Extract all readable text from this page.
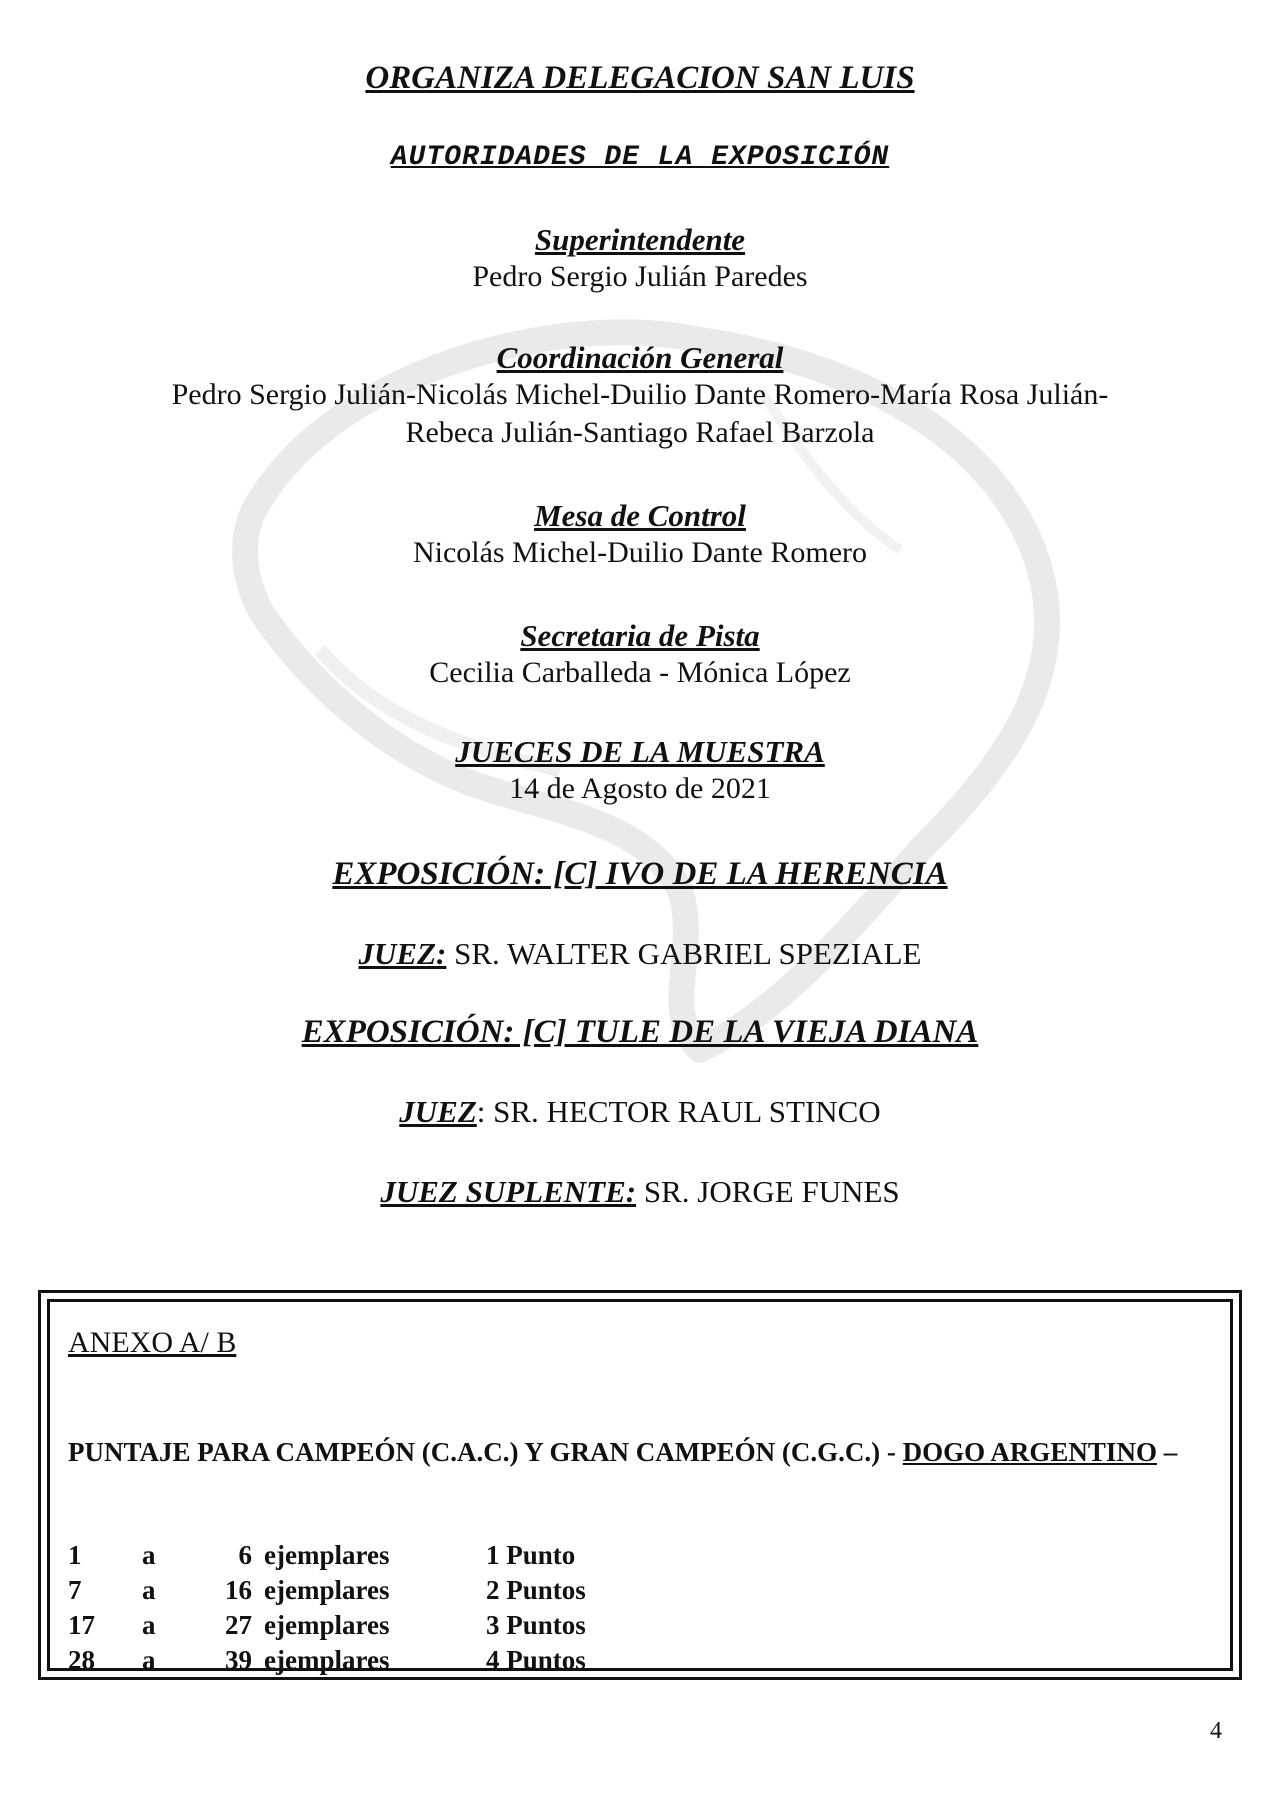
ORGANIZA DELEGACION SAN LUIS
AUTORIDADES DE LA EXPOSICIÓN
Superintendente
Pedro Sergio Julián Paredes
Coordinación General
Pedro Sergio Julián-Nicolás Michel-Duilio Dante Romero-María Rosa Julián-
Rebeca Julián-Santiago Rafael Barzola
Mesa de Control
Nicolás Michel-Duilio Dante Romero
Secretaria de Pista
Cecilia Carballeda - Mónica López
JUECES DE LA MUESTRA
14 de Agosto de 2021
EXPOSICIÓN: [C] IVO DE LA HERENCIA
JUEZ: SR. WALTER GABRIEL SPEZIALE
EXPOSICIÓN: [C] TULE DE LA VIEJA DIANA
JUEZ: SR. HECTOR RAUL STINCO
JUEZ SUPLENTE: SR. JORGE FUNES
ANEXO A/ B
PUNTAJE PARA CAMPEÓN (C.A.C.) Y GRAN CAMPEÓN (C.G.C.) - DOGO ARGENTINO –
1	a	6	ejemplares	1 Punto
7	a	16	ejemplares	2 Puntos
17	a	27	ejemplares	3 Puntos
28	a	39	ejemplares	4 Puntos
4
